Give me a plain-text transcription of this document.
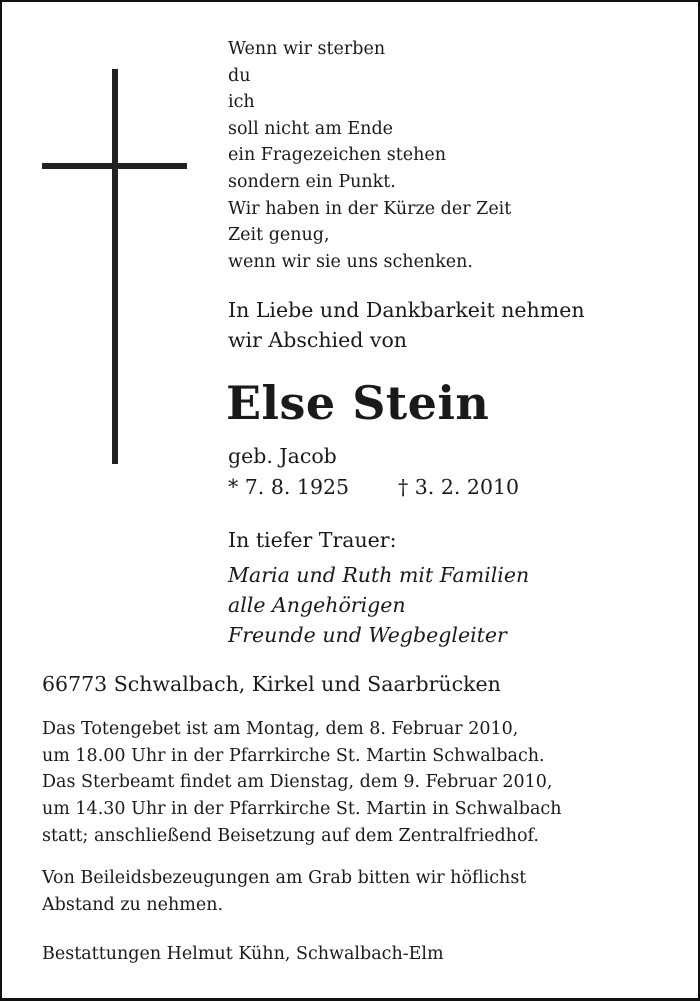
Wenn wir sterben
du
ich
soll nicht am Ende
ein Fragezeichen stehen
sondern ein Punkt.
Wir haben in der Kürze der Zeit
Zeit genug,
wenn wir sie uns schenken.
In Liebe und Dankbarkeit nehmen
wir Abschied von
Else Stein
geb. Jacob
* 7. 8. 1925 † 3. 2. 2010
In tiefer Trauer:
Maria und Ruth mit Familien
alle Angehörigen
Freunde und Wegbegleiter
66773 Schwalbach, Kirkel und Saarbrücken
Das Totengebet ist am Montag, dem 8. Februar 2010,
um 18.00 Uhr in der Pfarrkirche St. Martin Schwalbach.
Das Sterbeamt findet am Dienstag, dem 9. Februar 2010,
um 14.30 Uhr in der Pfarrkirche St. Martin in Schwalbach
statt; anschließend Beisetzung auf dem Zentralfriedhof.
Von Beileidsbezeugungen am Grab bitten wir höflichst
Abstand zu nehmen.
Bestattungen Helmut Kühn, Schwalbach-Elm
